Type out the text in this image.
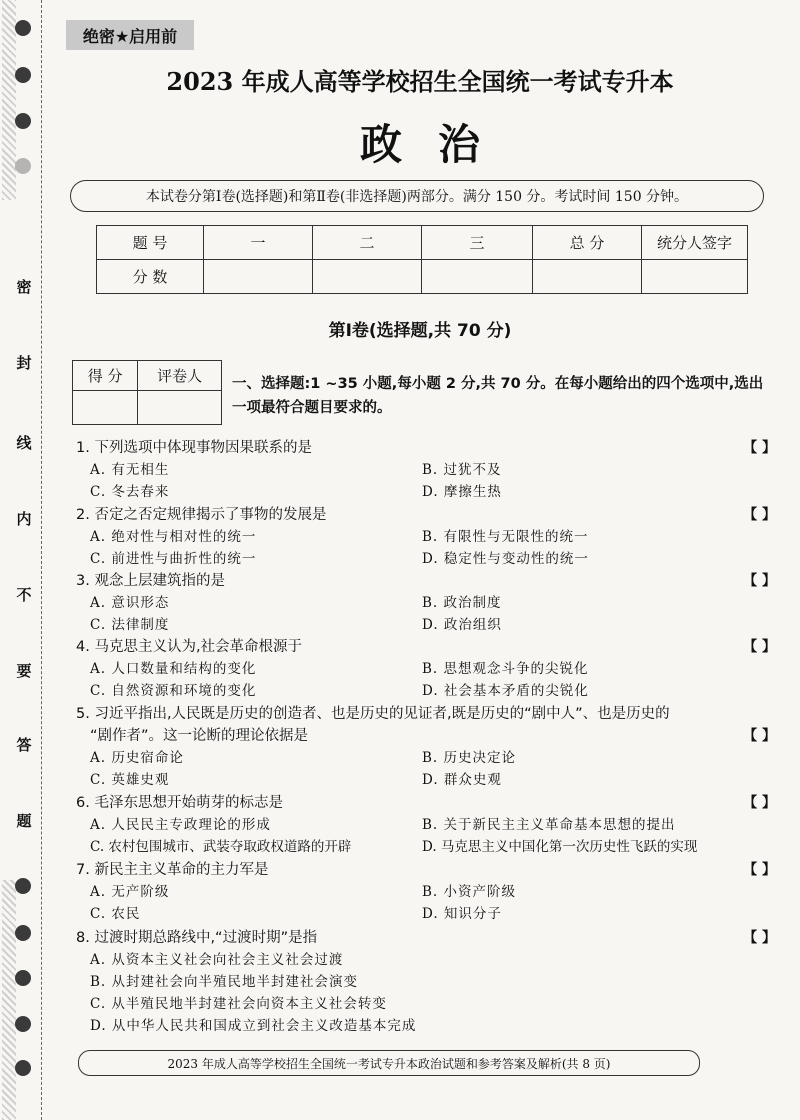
密
封
线
内
不
要
答
题
绝密★启用前
2023 年成人高等学校招生全国统一考试专升本
政治
本试卷分第Ⅰ卷(选择题)和第Ⅱ卷(非选择题)两部分。满分 150 分。考试时间 150 分钟。
题 号	一	二	三	总 分	统分人签字
分 数					
第Ⅰ卷(选择题,共 70 分)
得 分	评卷人
	一、选择题:1 ~35 小题,每小题 2 分,共 70 分。在每小题给出的四个选项中,选出一项最符合题目要求的。
1. 下列选项中体现事物因果联系的是	【 】
A. 有无相生	B. 过犹不及
C. 冬去春来	D. 摩擦生热
2. 否定之否定规律揭示了事物的发展是	【 】
A. 绝对性与相对性的统一	B. 有限性与无限性的统一
C. 前进性与曲折性的统一	D. 稳定性与变动性的统一
3. 观念上层建筑指的是	【 】
A. 意识形态	B. 政治制度
C. 法律制度	D. 政治组织
4. 马克思主义认为,社会革命根源于	【 】
A. 人口数量和结构的变化	B. 思想观念斗争的尖锐化
C. 自然资源和环境的变化	D. 社会基本矛盾的尖锐化
5. 习近平指出,人民既是历史的创造者、也是历史的见证者,既是历史的“剧中人”、也是历史的
“剧作者”。这一论断的理论依据是	【 】
A. 历史宿命论	B. 历史决定论
C. 英雄史观	D. 群众史观
6. 毛泽东思想开始萌芽的标志是	【 】
A. 人民民主专政理论的形成	B. 关于新民主主义革命基本思想的提出
C. 农村包围城市、武装夺取政权道路的开辟	D. 马克思主义中国化第一次历史性飞跃的实现
7. 新民主主义革命的主力军是	【 】
A. 无产阶级	B. 小资产阶级
C. 农民	D. 知识分子
8. 过渡时期总路线中,“过渡时期”是指	【 】
A. 从资本主义社会向社会主义社会过渡
B. 从封建社会向半殖民地半封建社会演变
C. 从半殖民地半封建社会向资本主义社会转变
D. 从中华人民共和国成立到社会主义改造基本完成
2023 年成人高等学校招生全国统一考试专升本政治试题和参考答案及解析(共 8 页)
